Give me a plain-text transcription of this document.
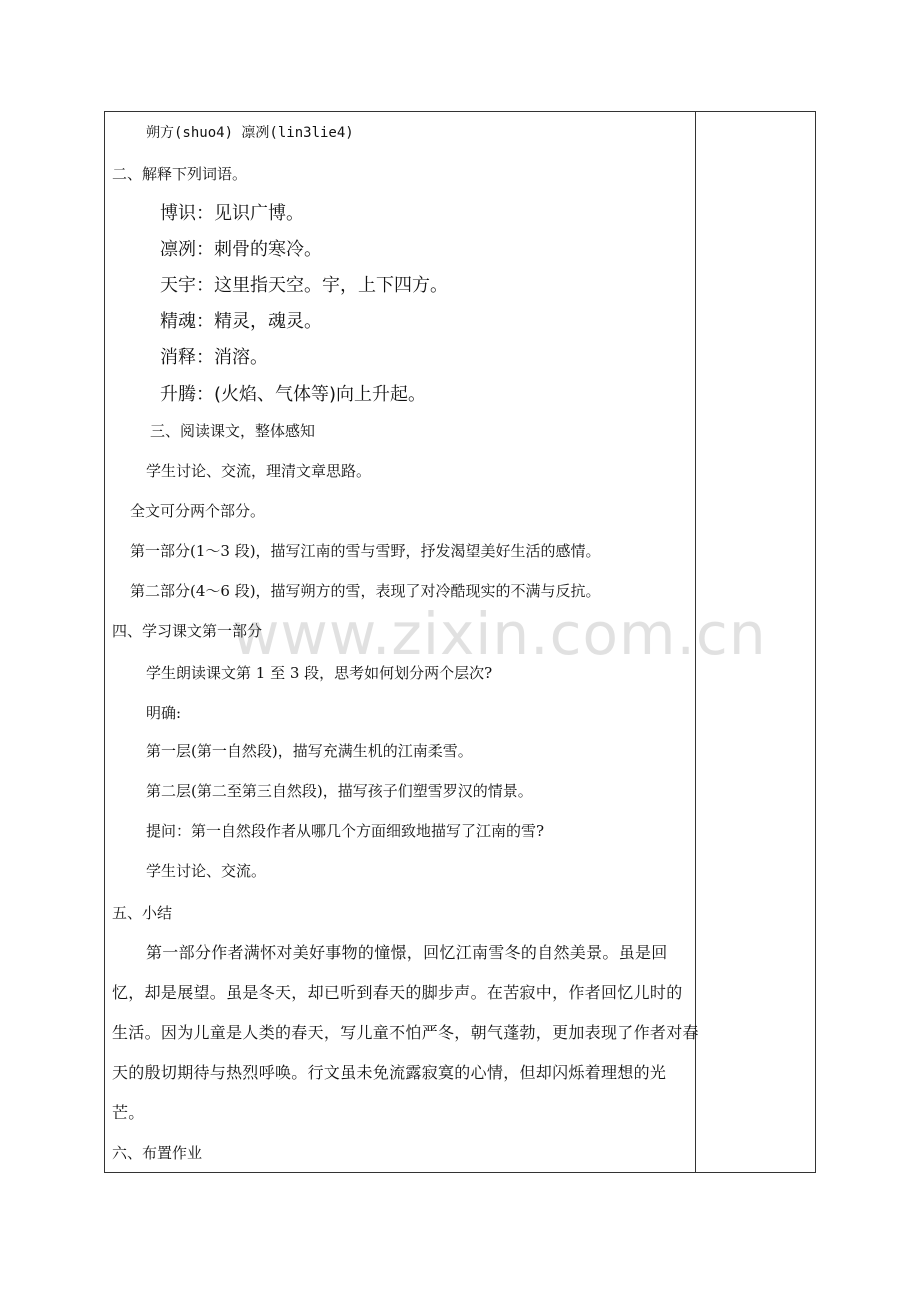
www.zixin.com.cn
朔方(shuo4) 凛冽(lin3lie4)
二、解释下列词语。
博识：见识广博。
凛冽：刺骨的寒冷。
天宇：这里指天空。宇，上下四方。
精魂：精灵，魂灵。
消释：消溶。
升腾：(火焰、气体等)向上升起。
三、阅读课文，整体感知
学生讨论、交流，理清文章思路。
全文可分两个部分。
第一部分(1～3 段)，描写江南的雪与雪野，抒发渴望美好生活的感情。
第二部分(4～6 段)，描写朔方的雪，表现了对冷酷现实的不满与反抗。
四、学习课文第一部分
学生朗读课文第 1 至 3 段，思考如何划分两个层次?
明确:
第一层(第一自然段)，描写充满生机的江南柔雪。
第二层(第二至第三自然段)，描写孩子们塑雪罗汉的情景。
提问：第一自然段作者从哪几个方面细致地描写了江南的雪?
学生讨论、交流。
五、小结
第一部分作者满怀对美好事物的憧憬，回忆江南雪冬的自然美景。虽是回
忆，却是展望。虽是冬天，却已听到春天的脚步声。在苦寂中，作者回忆儿时的
生活。因为儿童是人类的春天，写儿童不怕严冬，朝气蓬勃，更加表现了作者对春
天的殷切期待与热烈呼唤。行文虽未免流露寂寞的心情，但却闪烁着理想的光
芒。
六、布置作业
